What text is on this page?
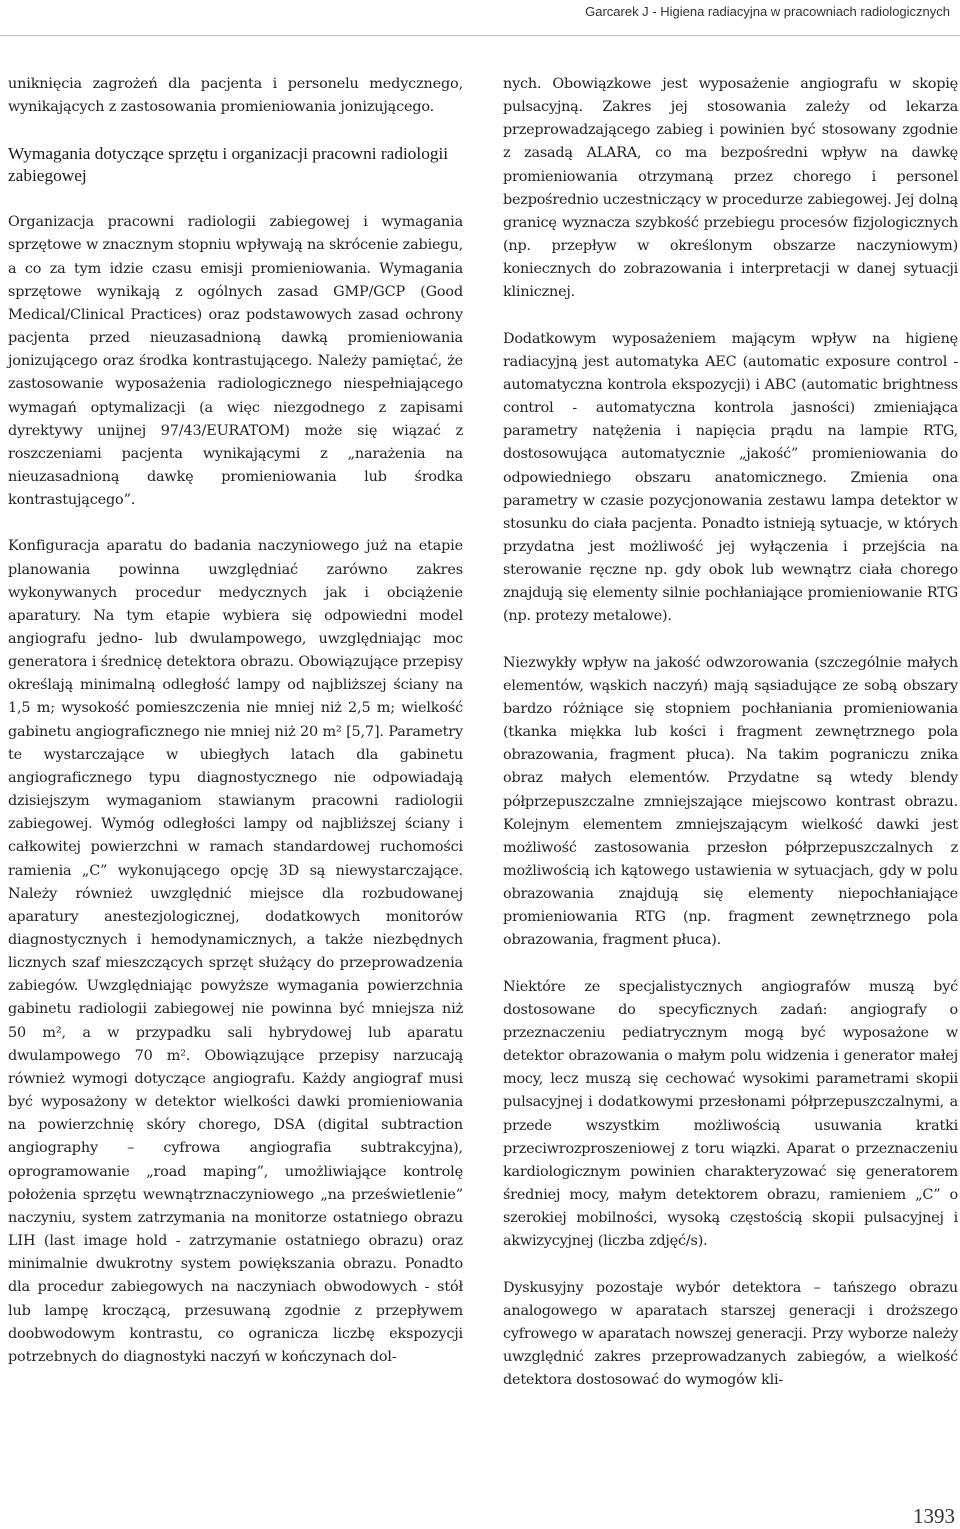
Garcarek J - Higiena radiacyjna w pracowniach radiologicznych

uniknięcia zagrożeń dla pacjenta i personelu medycznego, wynikających z zastosowania promieniowania jonizującego.

Wymagania dotyczące sprzętu i organizacji pracowni radiologii zabiegowej

Organizacja pracowni radiologii zabiegowej i wymagania sprzętowe w znacznym stopniu wpływają na skrócenie zabiegu, a co za tym idzie czasu emisji promieniowania. Wymagania sprzętowe wynikają z ogólnych zasad GMP/GCP (Good Medical/Clinical Practices) oraz podstawowych zasad ochrony pacjenta przed nieuzasadnioną dawką promieniowania jonizującego oraz środka kontrastującego. Należy pamiętać, że zastosowanie wyposażenia radiologicznego niespełniającego wymagań optymalizacji (a więc niezgodnego z zapisami dyrektywy unijnej 97/43/EURATOM) może się wiązać z roszczeniami pacjenta wynikającymi z „narażenia na nieuzasadnioną dawkę promieniowania lub środka kontrastującego”.

Konfiguracja aparatu do badania naczyniowego już na etapie planowania powinna uwzględniać zarówno zakres wykonywanych procedur medycznych jak i obciążenie aparatury. Na tym etapie wybiera się odpowiedni model angiografu jedno- lub dwulampowego, uwzględniając moc generatora i średnicę detektora obrazu. Obowiązujące przepisy określają minimalną odległość lampy od najbliższej ściany na 1,5 m; wysokość pomieszczenia nie mniej niż 2,5 m; wielkość gabinetu angiograficznego nie mniej niż 20 m² [5,7]. Parametry te wystarczające w ubiegłych latach dla gabinetu angiograficznego typu diagnostycznego nie odpowiadają dzisiejszym wymaganiom stawianym pracowni radiologii zabiegowej. Wymóg odległości lampy od najbliższej ściany i całkowitej powierzchni w ramach standardowej ruchomości ramienia „C” wykonującego opcję 3D są niewystarczające. Należy również uwzględnić miejsce dla rozbudowanej aparatury anestezjologicznej, dodatkowych monitorów diagnostycznych i hemodynamicznych, a także niezbędnych licznych szaf mieszczących sprzęt służący do przeprowadzenia zabiegów. Uwzględniając powyższe wymagania powierzchnia gabinetu radiologii zabiegowej nie powinna być mniejsza niż 50 m², a w przypadku sali hybrydowej lub aparatu dwulampowego 70 m². Obowiązujące przepisy narzucają również wymogi dotyczące angiografu. Każdy angiograf musi być wyposażony w detektor wielkości dawki promieniowania na powierzchnię skóry chorego, DSA (digital subtraction angiography – cyfrowa angiografia subtrakcyjna), oprogramowanie „road maping”, umożliwiające kontrolę położenia sprzętu wewnątrznaczyniowego „na prześwietlenie” naczyniu, system zatrzymania na monitorze ostatniego obrazu LIH (last image hold - zatrzymanie ostatniego obrazu) oraz minimalnie dwukrotny system powiększania obrazu. Ponadto dla procedur zabiegowych na naczyniach obwodowych - stół lub lampę kroczącą, przesuwaną zgodnie z przepływem doobwodowym kontrastu, co ogranicza liczbę ekspozycji potrzebnych do diagnostyki naczyń w kończynach dol-

nych. Obowiązkowe jest wyposażenie angiografu w skopię pulsacyjną. Zakres jej stosowania zależy od lekarza przeprowadzającego zabieg i powinien być stosowany zgodnie z zasadą ALARA, co ma bezpośredni wpływ na dawkę promieniowania otrzymaną przez chorego i personel bezpośrednio uczestniczący w procedurze zabiegowej. Jej dolną granicę wyznacza szybkość przebiegu procesów fizjologicznych (np. przepływ w określonym obszarze naczyniowym) koniecznych do zobrazowania i interpretacji w danej sytuacji klinicznej.

Dodatkowym wyposażeniem mającym wpływ na higienę radiacyjną jest automatyka AEC (automatic exposure control - automatyczna kontrola ekspozycji) i ABC (automatic brightness control - automatyczna kontrola jasności) zmieniająca parametry natężenia i napięcia prądu na lampie RTG, dostosowująca automatycznie „jakość” promieniowania do odpowiedniego obszaru anatomicznego. Zmienia ona parametry w czasie pozycjonowania zestawu lampa detektor w stosunku do ciała pacjenta. Ponadto istnieją sytuacje, w których przydatna jest możliwość jej wyłączenia i przejścia na sterowanie ręczne np. gdy obok lub wewnątrz ciała chorego znajdują się elementy silnie pochłaniające promieniowanie RTG (np. protezy metalowe).

Niezwykły wpływ na jakość odwzorowania (szczególnie małych elementów, wąskich naczyń) mają sąsiadujące ze sobą obszary bardzo różniące się stopniem pochłaniania promieniowania (tkanka miękka lub kości i fragment zewnętrznego pola obrazowania, fragment płuca). Na takim pograniczu znika obraz małych elementów. Przydatne są wtedy blendy półprzepuszczalne zmniejszające miejscowo kontrast obrazu. Kolejnym elementem zmniejszającym wielkość dawki jest możliwość zastosowania przesłon półprzepuszczalnych z możliwością ich kątowego ustawienia w sytuacjach, gdy w polu obrazowania znajdują się elementy niepochłaniające promieniowania RTG (np. fragment zewnętrznego pola obrazowania, fragment płuca).

Niektóre ze specjalistycznych angiografów muszą być dostosowane do specyficznych zadań: angiografy o przeznaczeniu pediatrycznym mogą być wyposażone w detektor obrazowania o małym polu widzenia i generator małej mocy, lecz muszą się cechować wysokimi parametrami skopii pulsacyjnej i dodatkowymi przesłonami półprzepuszczalnymi, a przede wszystkim możliwością usuwania kratki przeciwrozproszeniowej z toru wiązki. Aparat o przeznaczeniu kardiologicznym powinien charakteryzować się generatorem średniej mocy, małym detektorem obrazu, ramieniem „C” o szerokiej mobilności, wysoką częstością skopii pulsacyjnej i akwizycyjnej (liczba zdjęć/s).

Dyskusyjny pozostaje wybór detektora – tańszego obrazu analogowego w aparatach starszej generacji i droższego cyfrowego w aparatach nowszej generacji. Przy wyborze należy uwzględnić zakres przeprowadzanych zabiegów, a wielkość detektora dostosować do wymogów kli-

1393
